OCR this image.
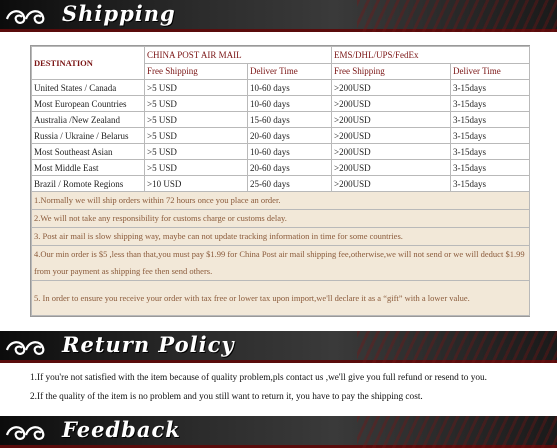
Shipping
DESTINATION	CHINA POST AIR MAIL		EMS/DHL/UPS/FedEx	
	Free Shipping	Deliver Time	Free Shipping	Deliver Time
United States / Canada	>5 USD	10-60 days	>200USD	3-15days
Most European Countries	>5 USD	10-60 days	>200USD	3-15days
Australia /New Zealand	>5 USD	15-60 days	>200USD	3-15days
Russia / Ukraine / Belarus	>5 USD	20-60 days	>200USD	3-15days
Most Southeast Asian	>5 USD	10-60 days	>200USD	3-15days
Most Middle East	>5 USD	20-60 days	>200USD	3-15days
Brazil / Romote Regions	>10 USD	25-60 days	>200USD	3-15days
1.Normally we will ship orders within 72 hours once you place an order.				
2.We will not take any responsibility for customs charge or customs delay.				
3. Post air mail is slow shipping way, maybe can not update tracking information in time for some countries.				
4.Our min order is $5 ,less than that,you must pay $1.99 for China Post air mail shipping fee,otherwise,we will not send or we will deduct $1.99 from your payment as shipping fee then send others.				
5. In order to ensure you receive your order with tax free or lower tax upon import,we'll declare it as a “gift” with a lower value.				
Return Policy
1.If you're not satisfied with the item because of quality problem,pls contact us ,we'll give you full refund or resend to you.
2.If the quality of the item is no problem and you still want to return it, you have to pay the shipping cost.
Feedback
